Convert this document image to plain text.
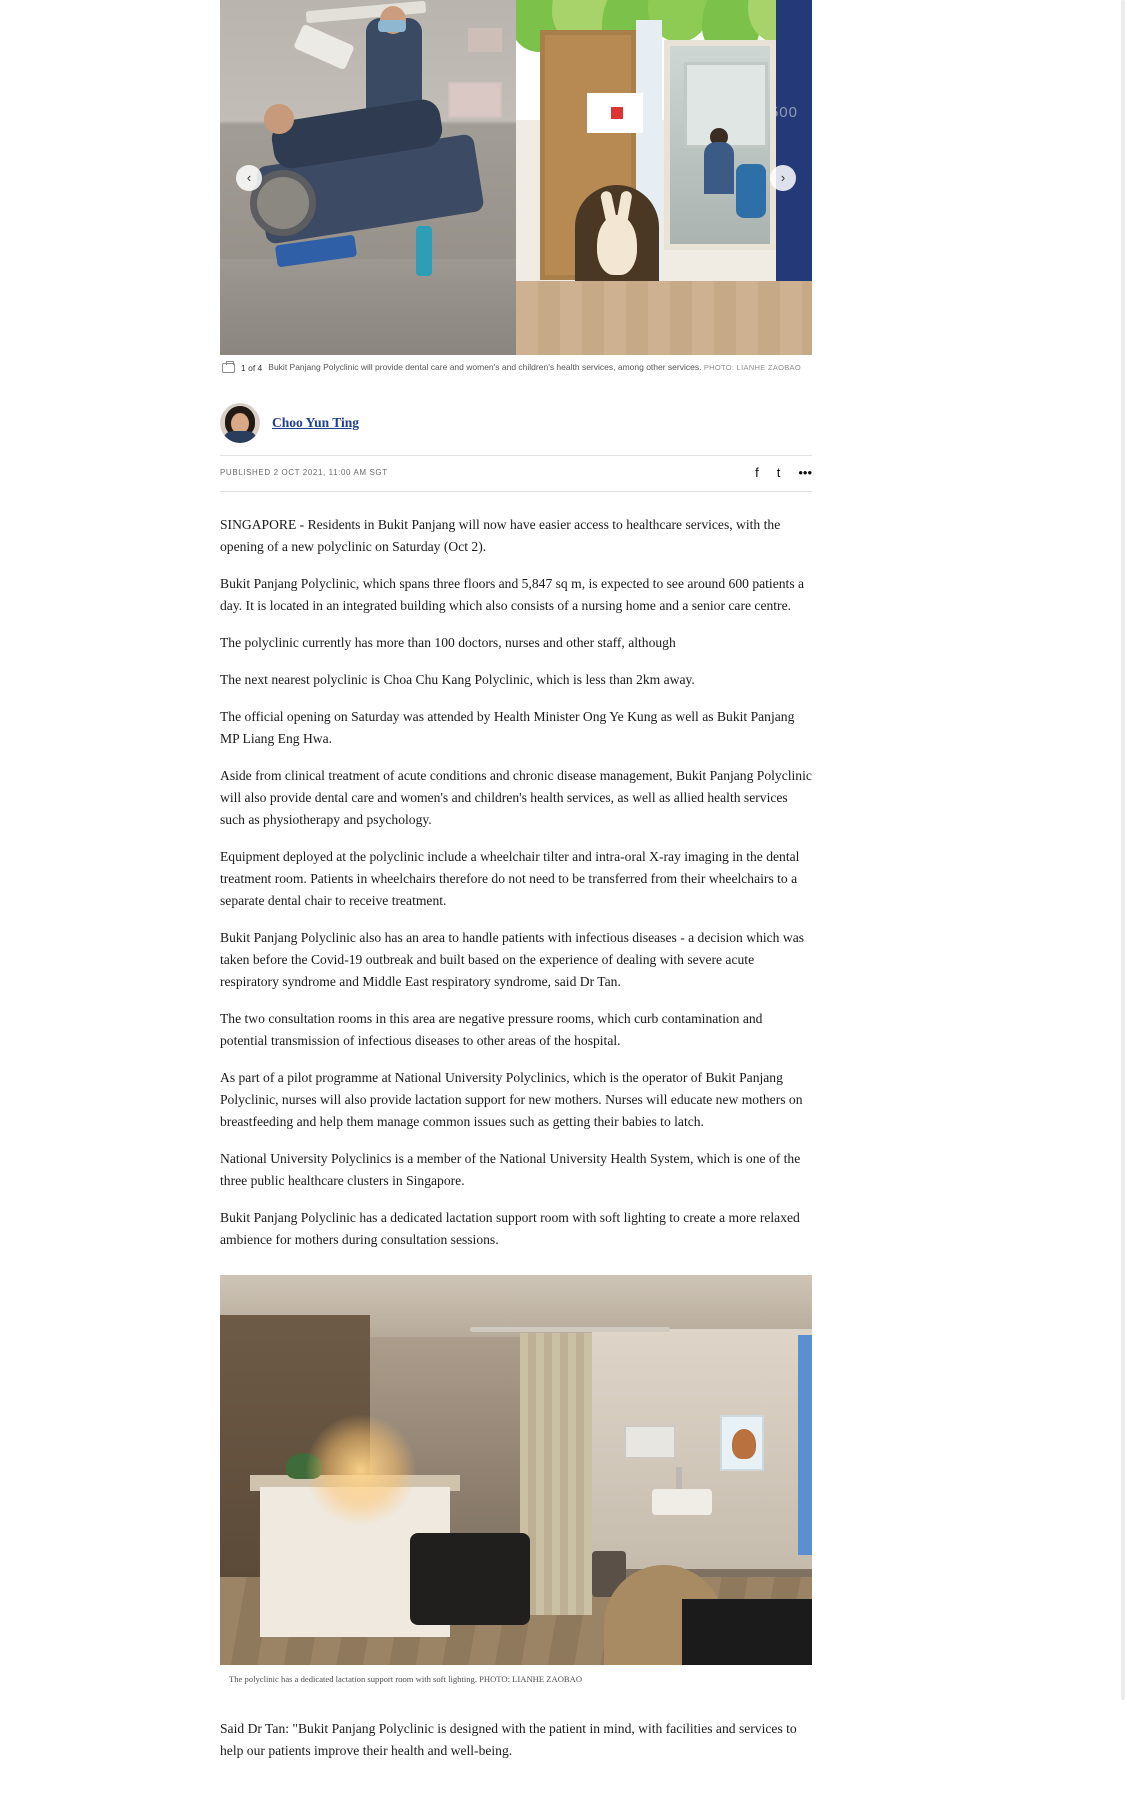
500
‹	›
1 of 4 Bukit Panjang Polyclinic will provide dental care and women's and children's health services, among other services. PHOTO: LIANHE ZAOBAO
Choo Yun Ting
PUBLISHED 2 OCT 2021, 11:00 AM SGT	f t •••

SINGAPORE - Residents in Bukit Panjang will now have easier access to healthcare services, with the opening of a new polyclinic on Saturday (Oct 2).

Bukit Panjang Polyclinic, which spans three floors and 5,847 sq m, is expected to see around 600 patients a day. It is located in an integrated building which also consists of a nursing home and a senior care centre.

The polyclinic currently has more than 100 doctors, nurses and other staff, although

The next nearest polyclinic is Choa Chu Kang Polyclinic, which is less than 2km away.

The official opening on Saturday was attended by Health Minister Ong Ye Kung as well as Bukit Panjang MP Liang Eng Hwa.

Aside from clinical treatment of acute conditions and chronic disease management, Bukit Panjang Polyclinic will also provide dental care and women's and children's health services, as well as allied health services such as physiotherapy and psychology.

Equipment deployed at the polyclinic include a wheelchair tilter and intra-oral X-ray imaging in the dental treatment room. Patients in wheelchairs therefore do not need to be transferred from their wheelchairs to a separate dental chair to receive treatment.

Bukit Panjang Polyclinic also has an area to handle patients with infectious diseases - a decision which was taken before the Covid-19 outbreak and built based on the experience of dealing with severe acute respiratory syndrome and Middle East respiratory syndrome, said Dr Tan.

The two consultation rooms in this area are negative pressure rooms, which curb contamination and potential transmission of infectious diseases to other areas of the hospital.

As part of a pilot programme at National University Polyclinics, which is the operator of Bukit Panjang Polyclinic, nurses will also provide lactation support for new mothers. Nurses will educate new mothers on breastfeeding and help them manage common issues such as getting their babies to latch.

National University Polyclinics is a member of the National University Health System, which is one of the three public healthcare clusters in Singapore.

Bukit Panjang Polyclinic has a dedicated lactation support room with soft lighting to create a more relaxed ambience for mothers during consultation sessions.

The polyclinic has a dedicated lactation support room with soft lighting. PHOTO: LIANHE ZAOBAO

Said Dr Tan: "Bukit Panjang Polyclinic is designed with the patient in mind, with facilities and services to help our patients improve their health and well-being.
